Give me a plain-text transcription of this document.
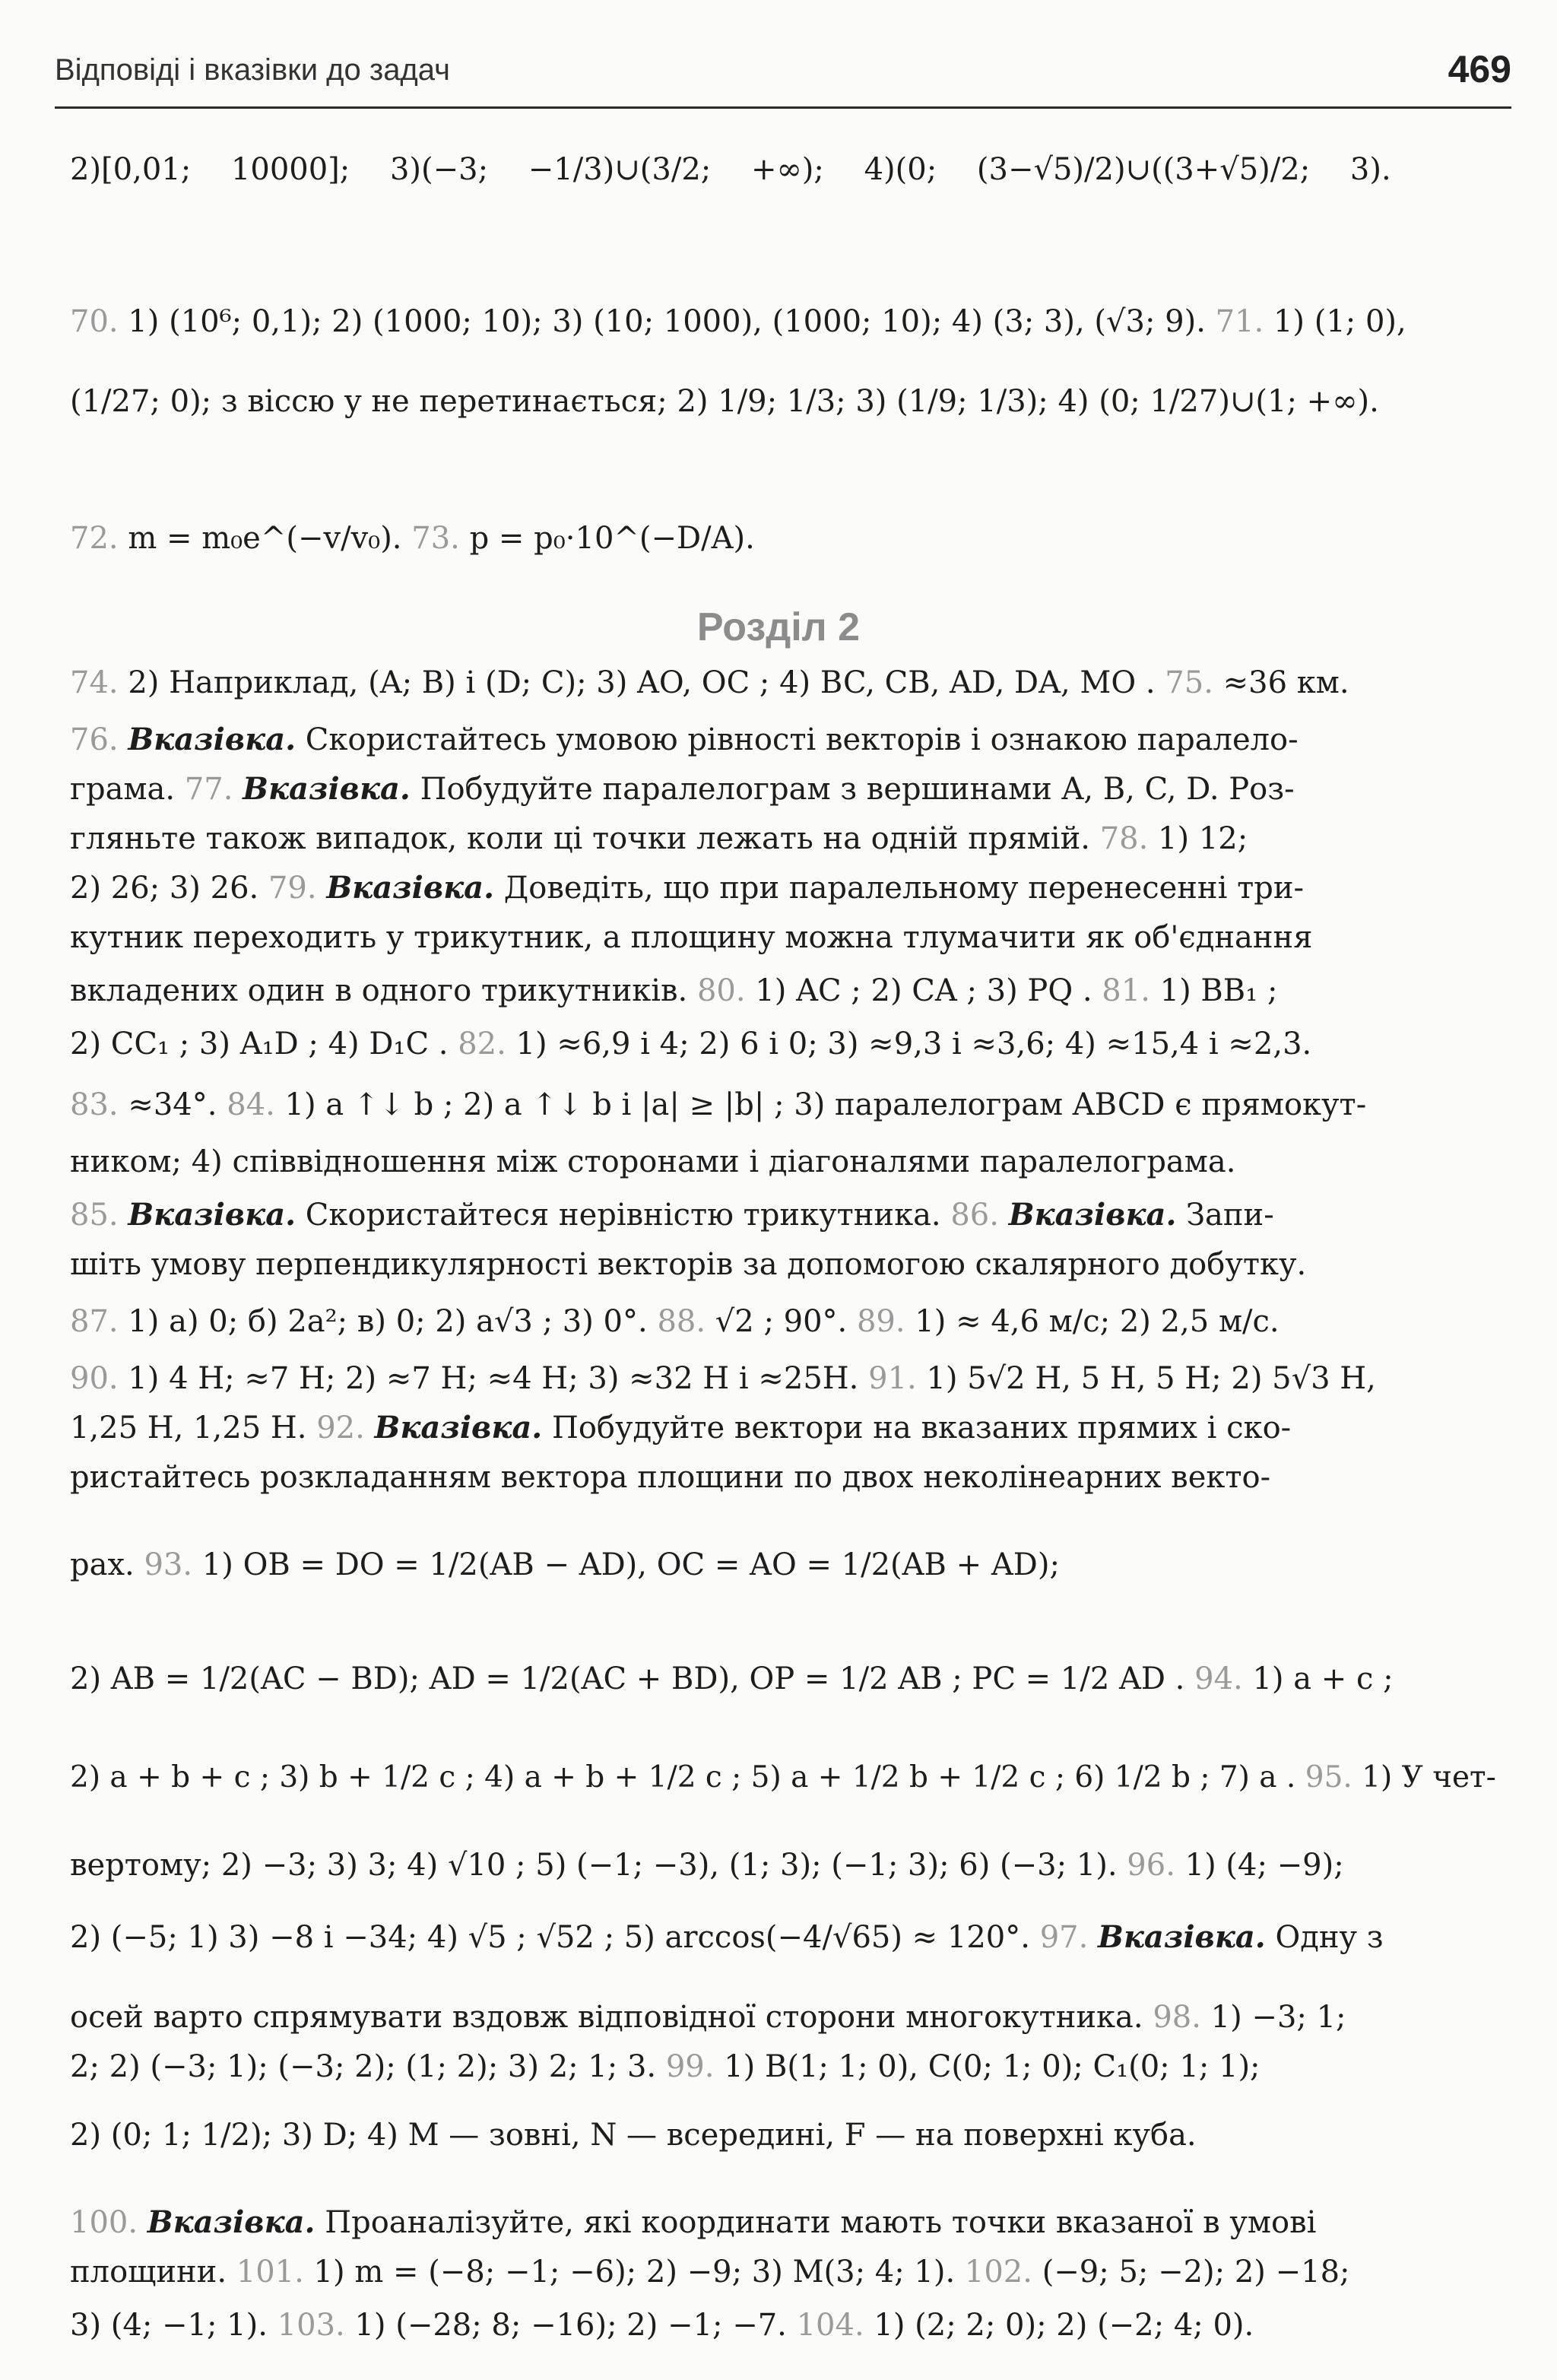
Відповіді і вказівки до задач	469
Розділ 2
2)[0,01; 10000]; 3)(−3; −1/3)∪(3/2; +∞); 4)(0; (3−√5)/2)∪((3+√5)/2; 3).
70. 1) (10⁶; 0,1); 2) (1000; 10); 3) (10; 1000), (1000; 10); 4) (3; 3), (√3; 9). 71. 1) (1; 0),
(1/27; 0); з віссю y не перетинається; 2) 1/9; 1/3; 3) (1/9; 1/3); 4) (0; 1/27)∪(1; +∞).
72. m = m₀e^(−v/v₀). 73. p = p₀·10^(−D/A).
74. 2) Наприклад, (A; B) і (D; C); 3) AO, OC ; 4) BC, CB, AD, DA, MO . 75. ≈36 км.
76. Вказівка. Скористайтесь умовою рівності векторів і ознакою паралело-
грама. 77. Вказівка. Побудуйте паралелограм з вершинами A, B, C, D. Роз-
гляньте також випадок, коли ці точки лежать на одній прямій. 78. 1) 12;
2) 26; 3) 26. 79. Вказівка. Доведіть, що при паралельному перенесенні три-
кутник переходить у трикутник, а площину можна тлумачити як об'єднання
вкладених один в одного трикутників. 80. 1) AC ; 2) CA ; 3) PQ . 81. 1) BB₁ ;
2) CC₁ ; 3) A₁D ; 4) D₁C . 82. 1) ≈6,9 і 4; 2) 6 і 0; 3) ≈9,3 і ≈3,6; 4) ≈15,4 і ≈2,3.
83. ≈34°. 84. 1) a ↑↓ b ; 2) a ↑↓ b і |a| ≥ |b| ; 3) паралелограм ABCD є прямокут-
ником; 4) співвідношення між сторонами і діагоналями паралелограма.
85. Вказівка. Скористайтеся нерівністю трикутника. 86. Вказівка. Запи-
шіть умову перпендикулярності векторів за допомогою скалярного добутку.
87. 1) а) 0; б) 2a²; в) 0; 2) a√3 ; 3) 0°. 88. √2 ; 90°. 89. 1) ≈ 4,6 м/с; 2) 2,5 м/с.
90. 1) 4 Н; ≈7 Н; 2) ≈7 Н; ≈4 Н; 3) ≈32 Н і ≈25Н. 91. 1) 5√2 Н, 5 Н, 5 Н; 2) 5√3 Н,
1,25 Н, 1,25 Н. 92. Вказівка. Побудуйте вектори на вказаних прямих і ско-
ристайтесь розкладанням вектора площини по двох неколінеарних векто-
рах. 93. 1) OB = DO = 1/2(AB − AD), OC = AO = 1/2(AB + AD);
2) AB = 1/2(AC − BD); AD = 1/2(AC + BD), OP = 1/2 AB ; PC = 1/2 AD . 94. 1) a + c ;
2) a + b + c ; 3) b + 1/2 c ; 4) a + b + 1/2 c ; 5) a + 1/2 b + 1/2 c ; 6) 1/2 b ; 7) a . 95. 1) У чет-
вертому; 2) −3; 3) 3; 4) √10 ; 5) (−1; −3), (1; 3); (−1; 3); 6) (−3; 1). 96. 1) (4; −9);
2) (−5; 1) 3) −8 і −34; 4) √5 ; √52 ; 5) arccos(−4/√65) ≈ 120°. 97. Вказівка. Одну з
осей варто спрямувати вздовж відповідної сторони многокутника. 98. 1) −3; 1;
2; 2) (−3; 1); (−3; 2); (1; 2); 3) 2; 1; 3. 99. 1) B(1; 1; 0), C(0; 1; 0); C₁(0; 1; 1);
2) (0; 1; 1/2); 3) D; 4) M — зовні, N — всередині, F — на поверхні куба.
100. Вказівка. Проаналізуйте, які координати мають точки вказаної в умові
площини. 101. 1) m = (−8; −1; −6); 2) −9; 3) M(3; 4; 1). 102. (−9; 5; −2); 2) −18;
3) (4; −1; 1). 103. 1) (−28; 8; −16); 2) −1; −7. 104. 1) (2; 2; 0); 2) (−2; 4; 0).
